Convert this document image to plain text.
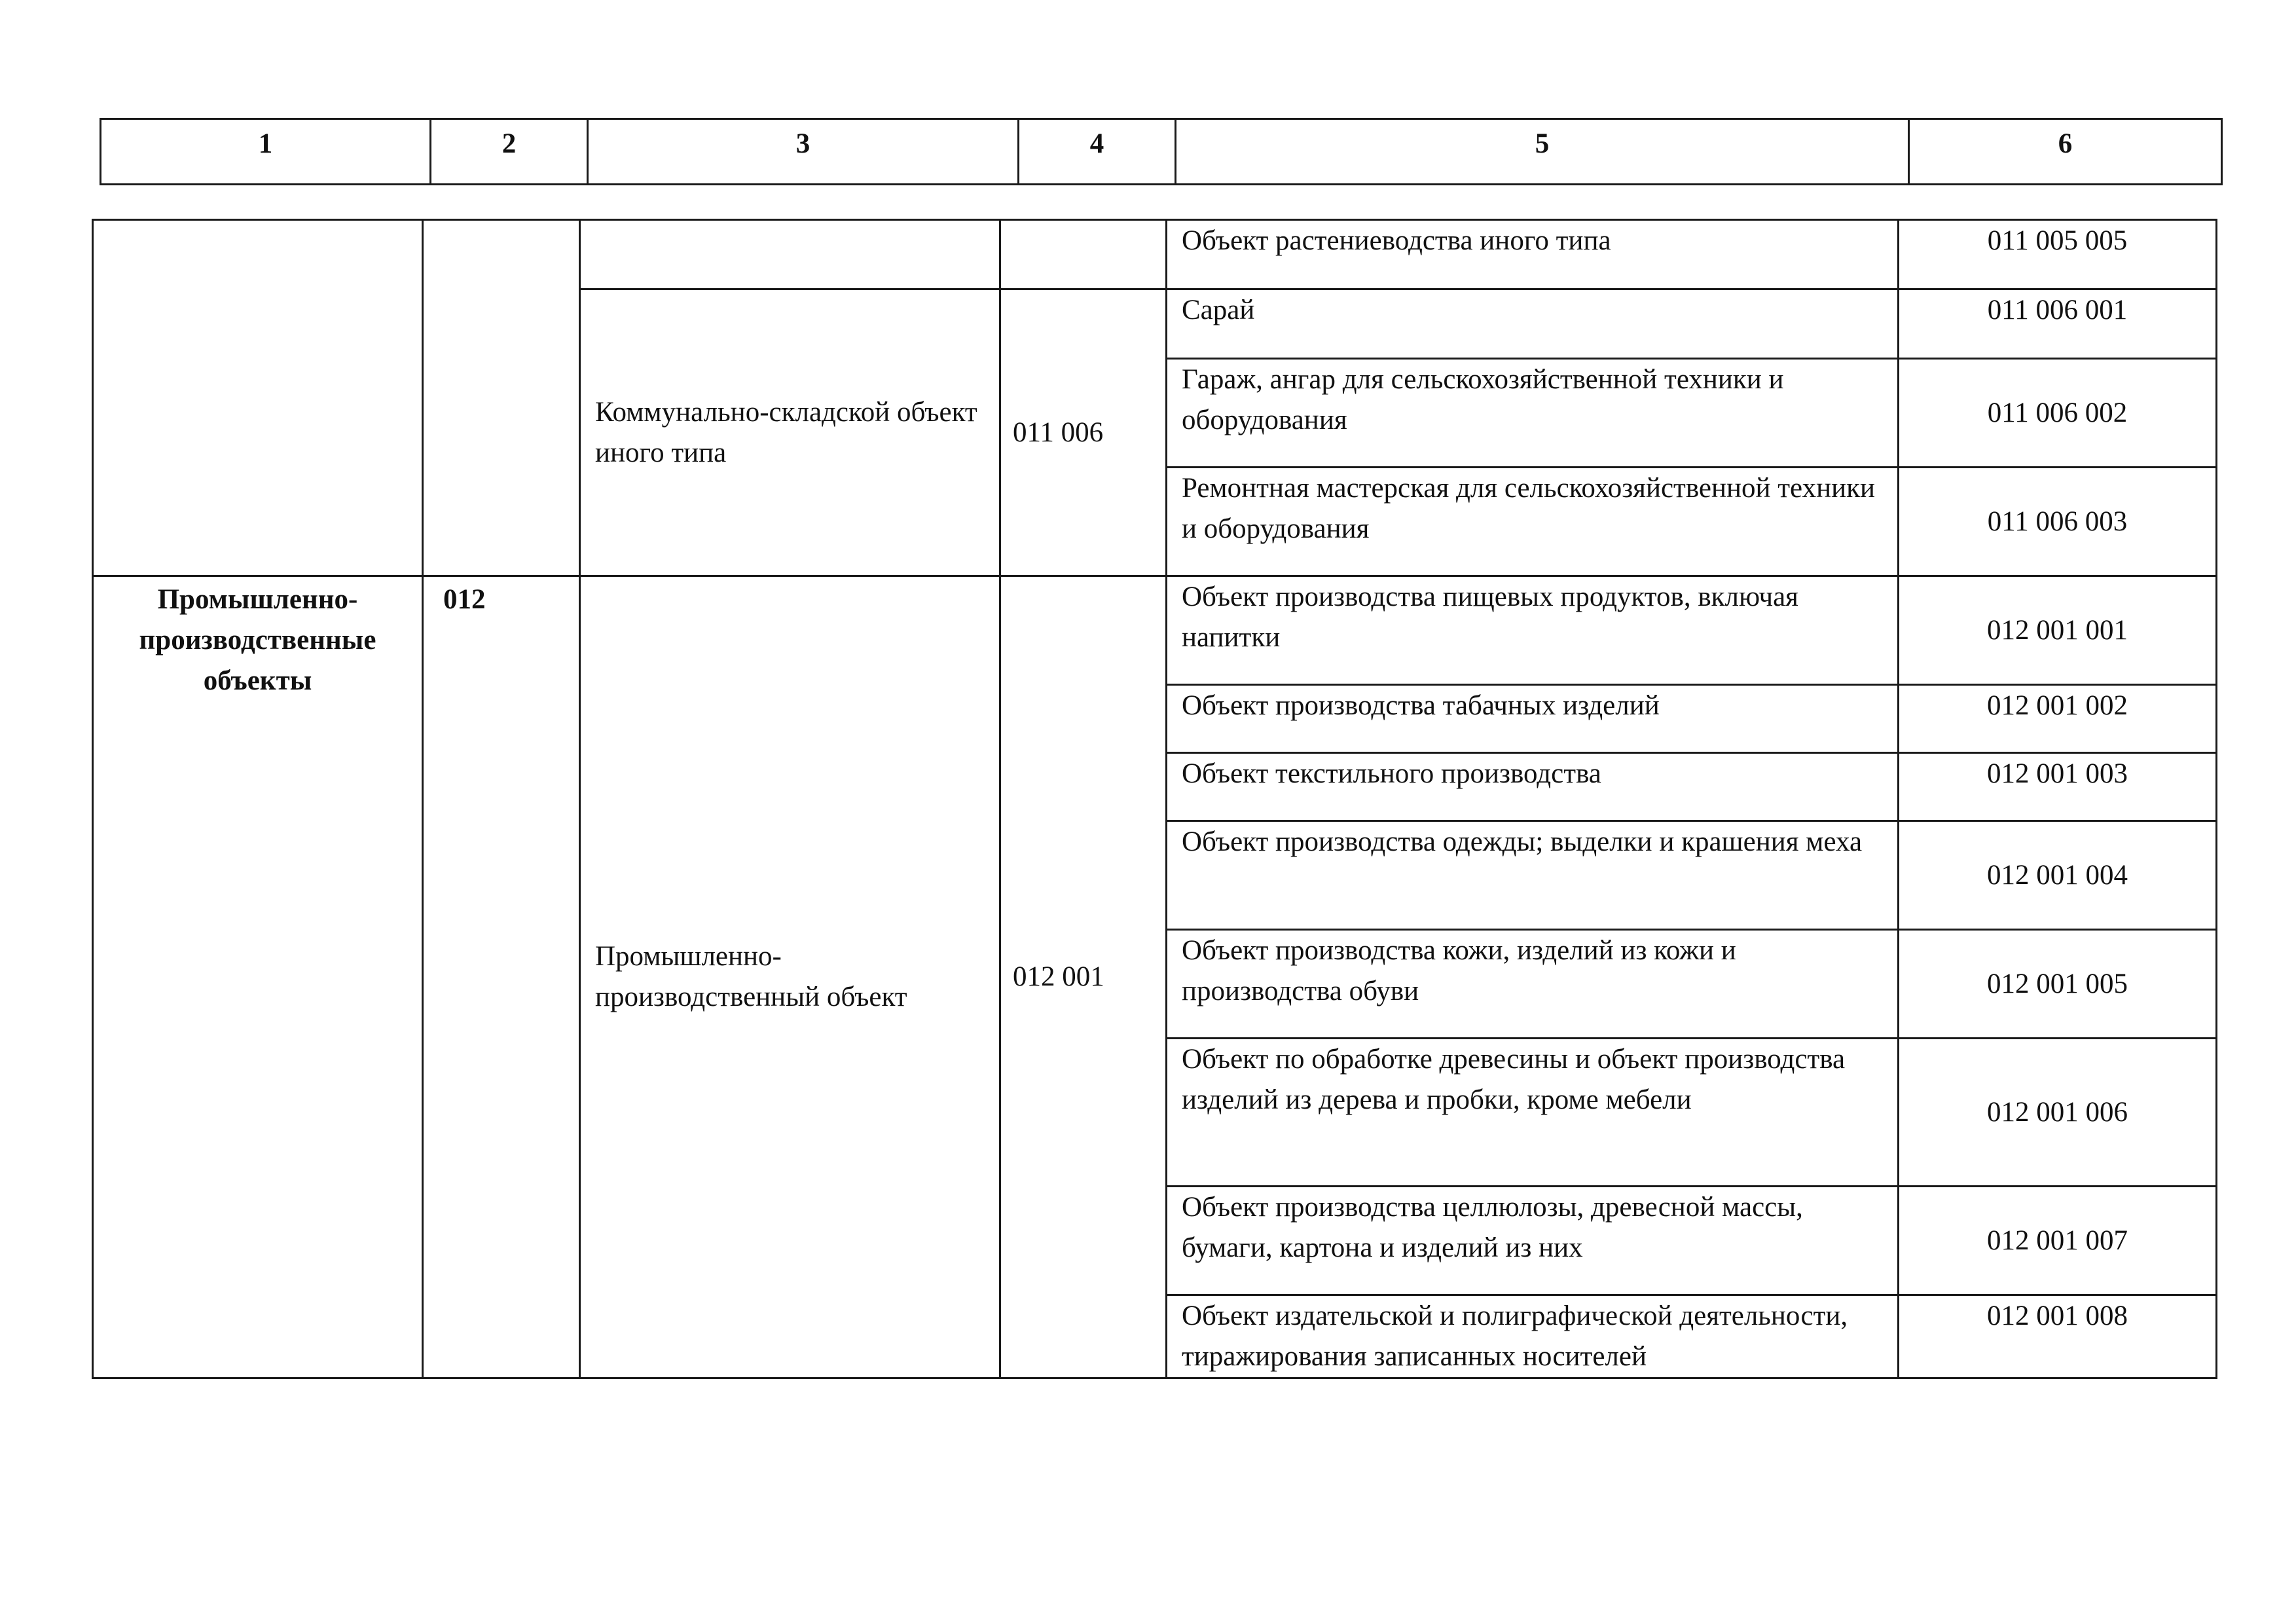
1	2	3	4	5	6
				Объект растениеводства иного типа	011 005 005
		Коммунально-складской объект иного типа	011 006	Сарай	011 006 001
				Гараж, ангар для сельскохозяйственной техники и оборудования	011 006 002
				Ремонтная мастерская для сельскохозяйственной техники и оборудования	011 006 003
Промышленно-производственные объекты	012	Промышленно-производственный объект	012 001	Объект производства пищевых продуктов, включая напитки	012 001 001
				Объект производства табачных изделий	012 001 002
				Объект текстильного производства	012 001 003
				Объект производства одежды; выделки и крашения меха	012 001 004
				Объект производства кожи, изделий из кожи и производства обуви	012 001 005
				Объект по обработке древесины и объект производства изделий из дерева и пробки, кроме мебели	012 001 006
				Объект производства целлюлозы, древесной массы, бумаги, картона и изделий из них	012 001 007
				Объект издательской и полиграфической деятельности, тиражирования записанных носителей	012 001 008
